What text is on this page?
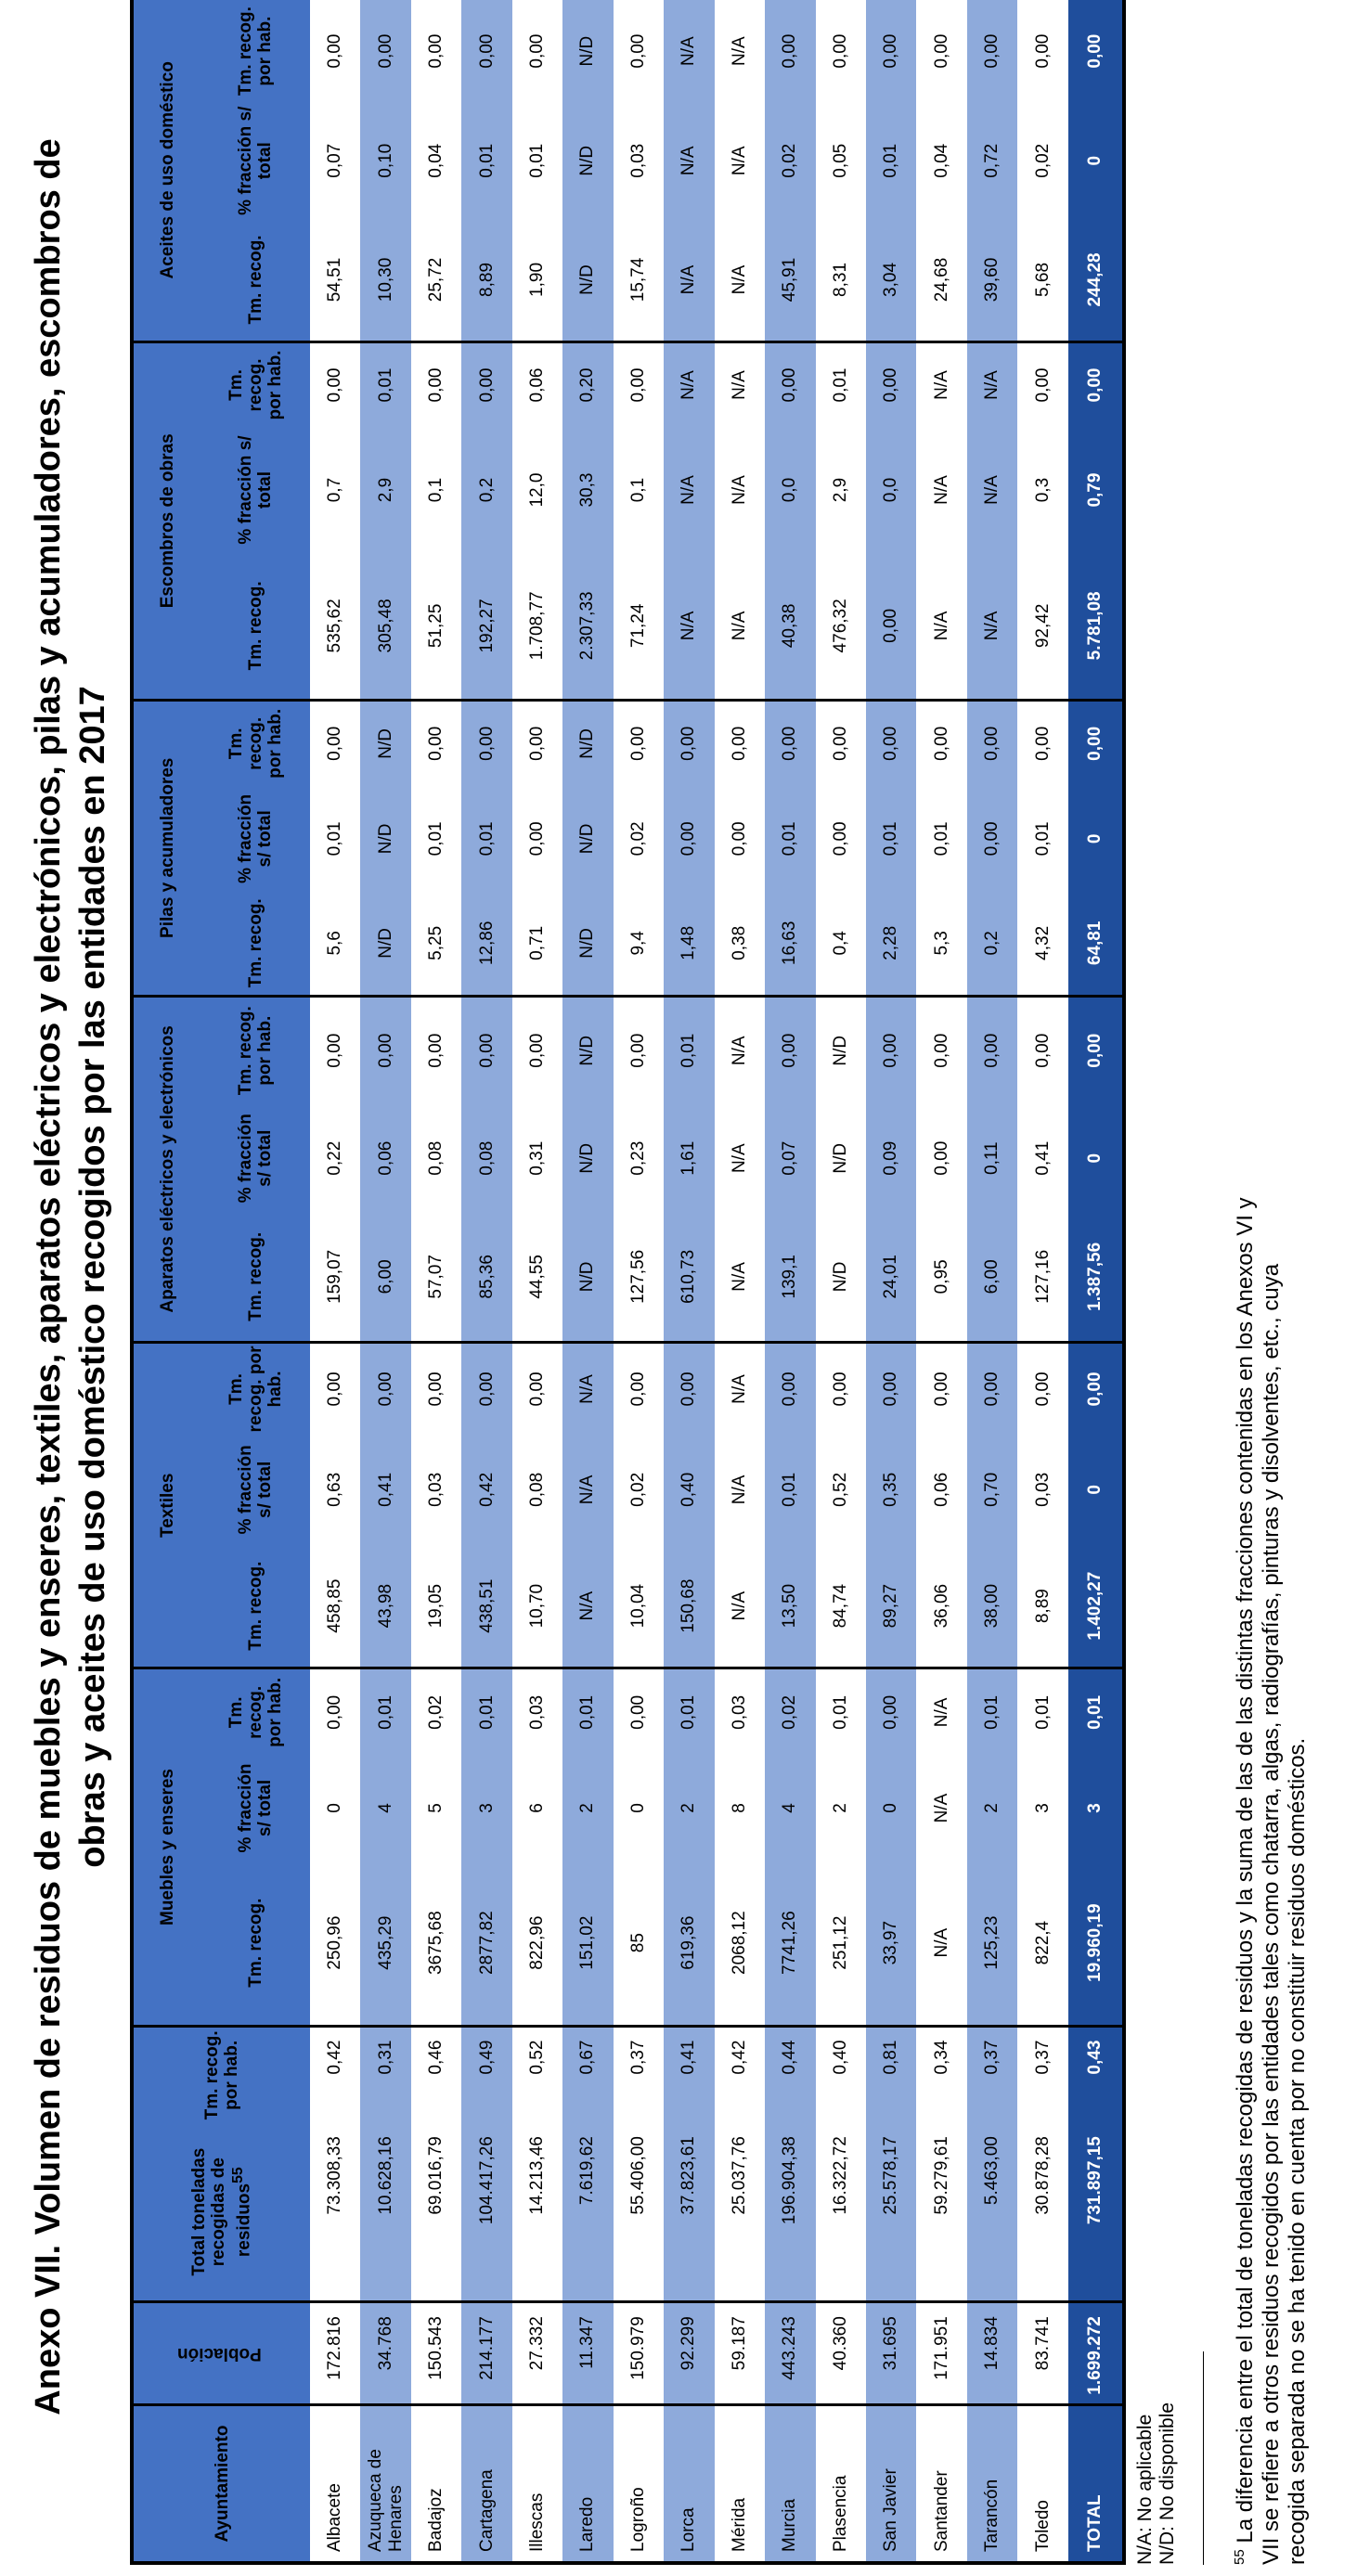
Anexo VII. Volumen de residuos de muebles y enseres, textiles, aparatos eléctricos y electrónicos, pilas y acumuladores, escombros de obras y aceites de uso doméstico recogidos por las entidades en 2017
Ayuntamiento	Población	Total toneladas recogidas de residuos$^{55}$	Tm. recog. por hab.	Muebles y enseres			Textiles			Aparatos eléctricos y electrónicos			Pilas y acumuladores			Escombros de obras			Aceites de uso doméstico		
				Tm. recog.	% fracción s/ total	Tm. recog. por hab.	Tm. recog.	% fracción s/ total	Tm. recog. por hab.	Tm. recog.	% fracción s/ total	Tm. recog. por hab.	Tm. recog.	% fracción s/ total	Tm. recog. por hab.	Tm. recog.	% fracción s/ total	Tm. recog. por hab.	Tm. recog.	% fracción s/ total	Tm. recog. por hab.
Albacete	172.816	73.308,33	0,42	250,96	0	0,00	458,85	0,63	0,00	159,07	0,22	0,00	5,6	0,01	0,00	535,62	0,7	0,00	54,51	0,07	0,00
Azuqueca de Henares	34.768	10.628,16	0,31	435,29	4	0,01	43,98	0,41	0,00	6,00	0,06	0,00	N/D	N/D	N/D	305,48	2,9	0,01	10,30	0,10	0,00
Badajoz	150.543	69.016,79	0,46	3675,68	5	0,02	19,05	0,03	0,00	57,07	0,08	0,00	5,25	0,01	0,00	51,25	0,1	0,00	25,72	0,04	0,00
Cartagena	214.177	104.417,26	0,49	2877,82	3	0,01	438,51	0,42	0,00	85,36	0,08	0,00	12,86	0,01	0,00	192,27	0,2	0,00	8,89	0,01	0,00
Illescas	27.332	14.213,46	0,52	822,96	6	0,03	10,70	0,08	0,00	44,55	0,31	0,00	0,71	0,00	0,00	1.708,77	12,0	0,06	1,90	0,01	0,00
Laredo	11.347	7.619,62	0,67	151,02	2	0,01	N/A	N/A	N/A	N/D	N/D	N/D	N/D	N/D	N/D	2.307,33	30,3	0,20	N/D	N/D	N/D
Logroño	150.979	55.406,00	0,37	85	0	0,00	10,04	0,02	0,00	127,56	0,23	0,00	9,4	0,02	0,00	71,24	0,1	0,00	15,74	0,03	0,00
Lorca	92.299	37.823,61	0,41	619,36	2	0,01	150,68	0,40	0,00	610,73	1,61	0,01	1,48	0,00	0,00	N/A	N/A	N/A	N/A	N/A	N/A
Mérida	59.187	25.037,76	0,42	2068,12	8	0,03	N/A	N/A	N/A	N/A	N/A	N/A	0,38	0,00	0,00	N/A	N/A	N/A	N/A	N/A	N/A
Murcia	443.243	196.904,38	0,44	7741,26	4	0,02	13,50	0,01	0,00	139,1	0,07	0,00	16,63	0,01	0,00	40,38	0,0	0,00	45,91	0,02	0,00
Plasencia	40.360	16.322,72	0,40	251,12	2	0,01	84,74	0,52	0,00	N/D	N/D	N/D	0,4	0,00	0,00	476,32	2,9	0,01	8,31	0,05	0,00
San Javier	31.695	25.578,17	0,81	33,97	0	0,00	89,27	0,35	0,00	24,01	0,09	0,00	2,28	0,01	0,00	0,00	0,0	0,00	3,04	0,01	0,00
Santander	171.951	59.279,61	0,34	N/A	N/A	N/A	36,06	0,06	0,00	0,95	0,00	0,00	5,3	0,01	0,00	N/A	N/A	N/A	24,68	0,04	0,00
Tarancón	14.834	5.463,00	0,37	125,23	2	0,01	38,00	0,70	0,00	6,00	0,11	0,00	0,2	0,00	0,00	N/A	N/A	N/A	39,60	0,72	0,00
Toledo	83.741	30.878,28	0,37	822,4	3	0,01	8,89	0,03	0,00	127,16	0,41	0,00	4,32	0,01	0,00	92,42	0,3	0,00	5,68	0,02	0,00
TOTAL	1.699.272	731.897,15	0,43	19.960,19	3	0,01	1.402,27	0	0,00	1.387,56	0	0,00	64,81	0	0,00	5.781,08	0,79	0,00	244,28	0	0,00
N/A: No aplicable N/D: No disponible	$^{55}$ La diferencia entre el total de toneladas recogidas de residuos y la suma de las de las distintas fracciones contenidas en los Anexos VI y VII se refiere a otros residuos recogidos por las entidades tales como chatarra, algas, radiografías, pinturas y disolventes, etc., cuya recogida separada no se ha tenido en cuenta por no constituir residuos domésticos.
